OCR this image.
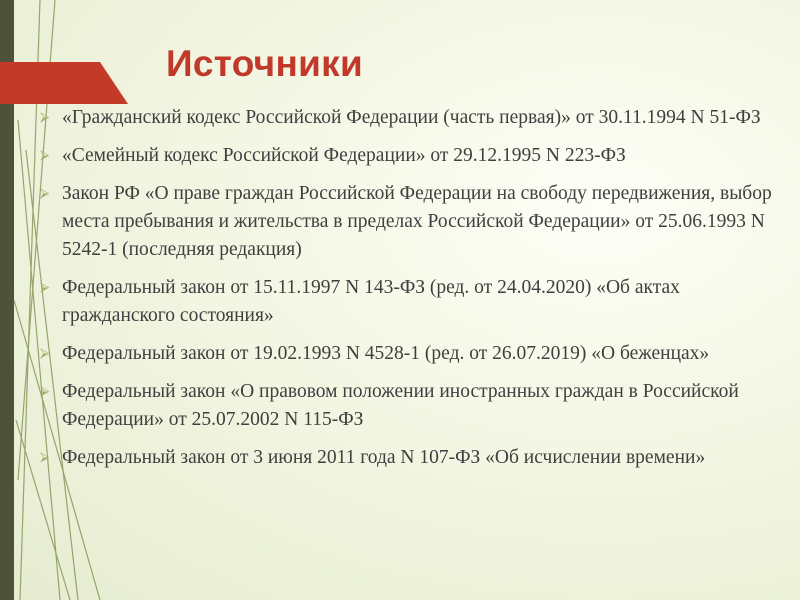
Источники
⮚ «Гражданский кодекс Российской Федерации (часть первая)» от 30.11.1994 N 51-ФЗ
⮚ «Семейный кодекс Российской Федерации» от 29.12.1995 N 223-ФЗ
⮚ Закон РФ «О праве граждан Российской Федерации на свободу передвижения, выбор места пребывания и жительства в пределах Российской Федерации» от 25.06.1993 N 5242-1 (последняя редакция)
⮚ Федеральный закон от 15.11.1997 N 143-ФЗ (ред. от 24.04.2020) «Об актах гражданского состояния»
⮚ Федеральный закон от 19.02.1993 N 4528-1 (ред. от 26.07.2019) «О беженцах»
⮚ Федеральный закон «О правовом положении иностранных граждан в Российской Федерации» от 25.07.2002 N 115-ФЗ
⮚ Федеральный закон от 3 июня 2011 года N 107-ФЗ «Об исчислении времени»
